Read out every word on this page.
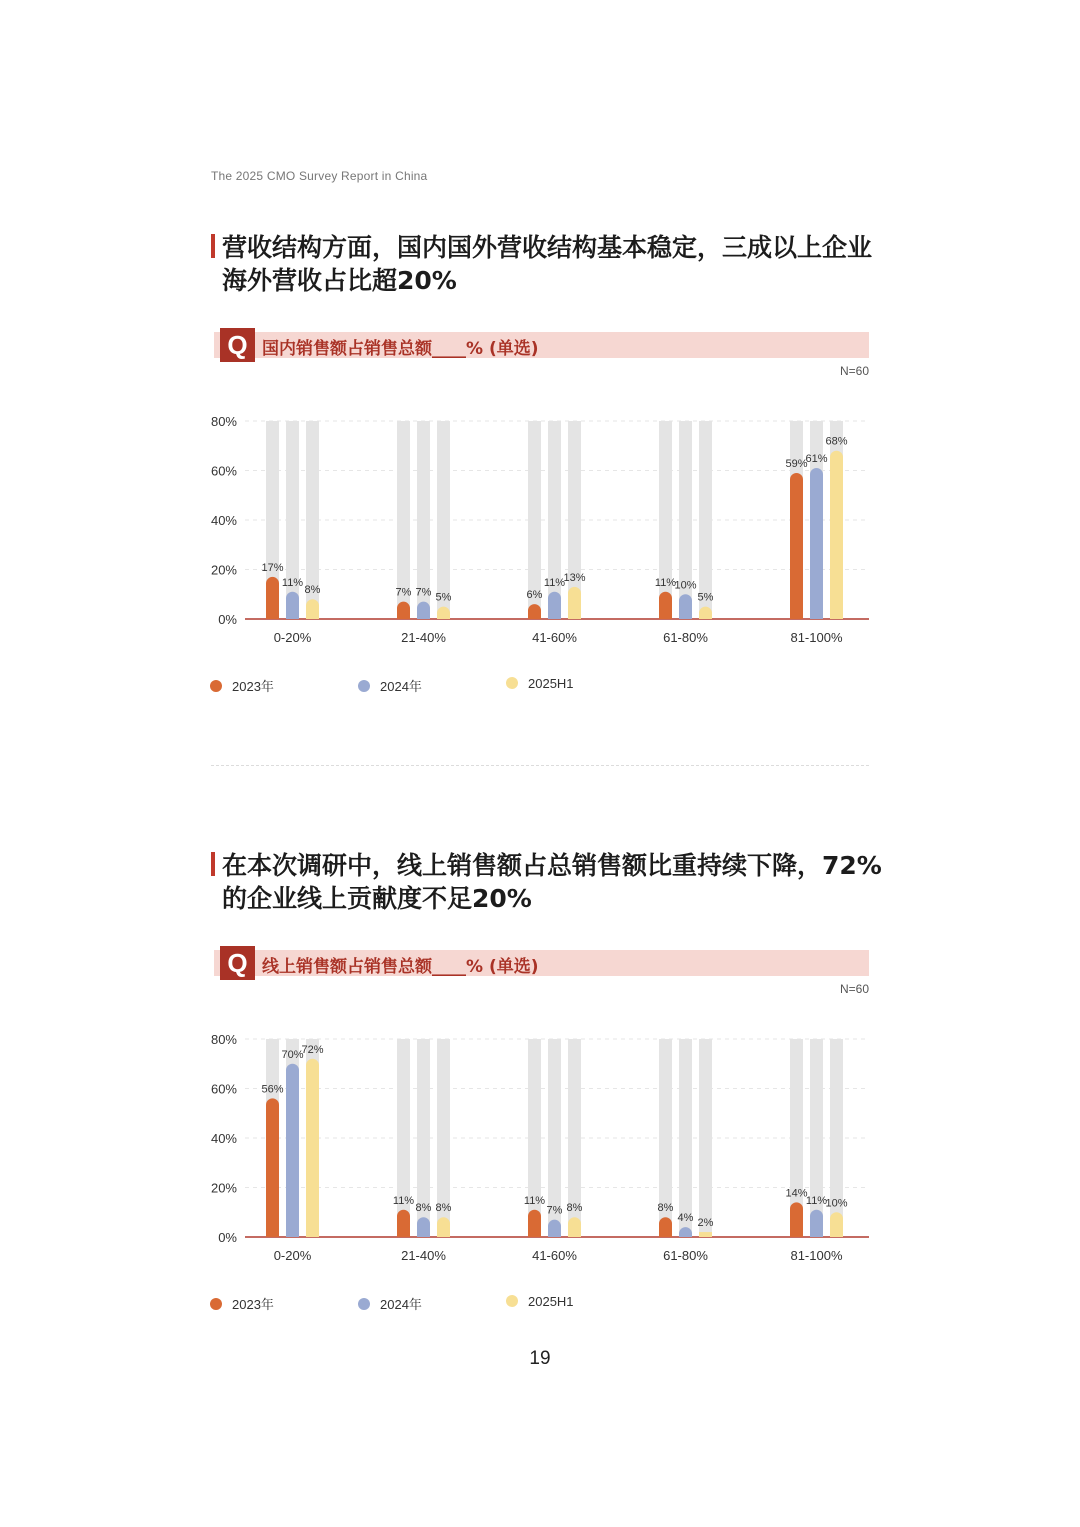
The 2025 CMO Survey Report in China
营收结构方面，国内国外营收结构基本稳定，三成以上企业
海外营收占比超20%
Q 国内销售额占销售总额____% (单选)
N=60
0%
20%
40%
60%
80%
17%
11%
8%
0-20%
7% 7% 5%
21-40%
6%
11%
13%
41-60%
11%
10%
5%
61-80%
59%
61%
68%
81-100%
2023年	2024年	2025H1
在本次调研中，线上销售额占总销售额比重持续下降，72%
的企业线上贡献度不足20%
Q 线上销售额占销售总额____% (单选)
N=60
0%
20%
40%
60%
80%
56%
70%
72%
0-20%
11%
8% 8%
21-40%
11%
7% 8%
41-60%
8%
4% 2%
61-80%
14%
11%
10%
81-100%
2023年	2024年	2025H1
19
